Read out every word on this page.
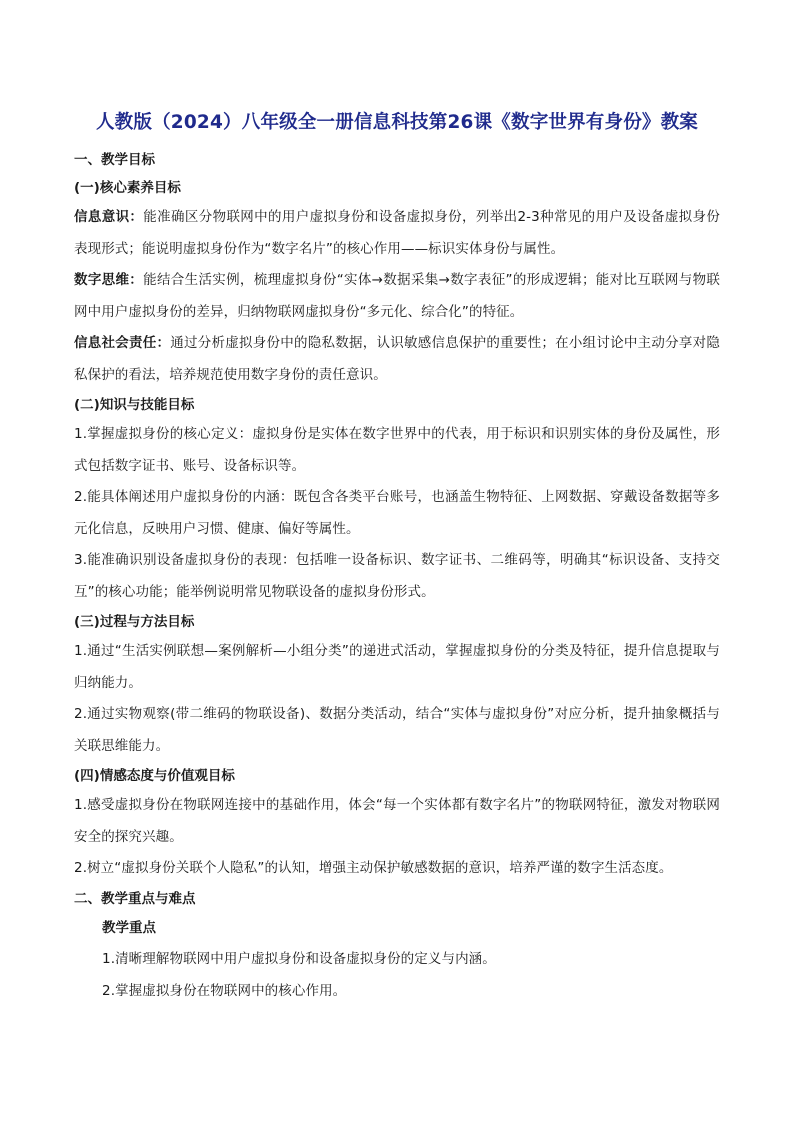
人教版（2024）八年级全一册信息科技第26课《数字世界有身份》教案
一、教学目标
(一)核心素养目标

信息意识：能准确区分物联网中的用户虚拟身份和设备虚拟身份，列举出2-3种常见的用户及设备虚拟身份表现形式；能说明虚拟身份作为“数字名片”的核心作用——标识实体身份与属性。

数字思维：能结合生活实例，梳理虚拟身份“实体→数据采集→数字表征”的形成逻辑；能对比互联网与物联网中用户虚拟身份的差异，归纳物联网虚拟身份“多元化、综合化”的特征。

信息社会责任：通过分析虚拟身份中的隐私数据，认识敏感信息保护的重要性；在小组讨论中主动分享对隐私保护的看法，培养规范使用数字身份的责任意识。

(二)知识与技能目标

1.掌握虚拟身份的核心定义：虚拟身份是实体在数字世界中的代表，用于标识和识别实体的身份及属性，形式包括数字证书、账号、设备标识等。

2.能具体阐述用户虚拟身份的内涵：既包含各类平台账号，也涵盖生物特征、上网数据、穿戴设备数据等多元化信息，反映用户习惯、健康、偏好等属性。

3.能准确识别设备虚拟身份的表现：包括唯一设备标识、数字证书、二维码等，明确其“标识设备、支持交互”的核心功能；能举例说明常见物联设备的虚拟身份形式。

(三)过程与方法目标

1.通过“生活实例联想—案例解析—小组分类”的递进式活动，掌握虚拟身份的分类及特征，提升信息提取与归纳能力。

2.通过实物观察(带二维码的物联设备)、数据分类活动，结合“实体与虚拟身份”对应分析，提升抽象概括与关联思维能力。

(四)情感态度与价值观目标

1.感受虚拟身份在物联网连接中的基础作用，体会“每一个实体都有数字名片”的物联网特征，激发对物联网安全的探究兴趣。

2.树立“虚拟身份关联个人隐私”的认知，增强主动保护敏感数据的意识，培养严谨的数字生活态度。

二、教学重点与难点

教学重点

1.清晰理解物联网中用户虚拟身份和设备虚拟身份的定义与内涵。

2.掌握虚拟身份在物联网中的核心作用。
